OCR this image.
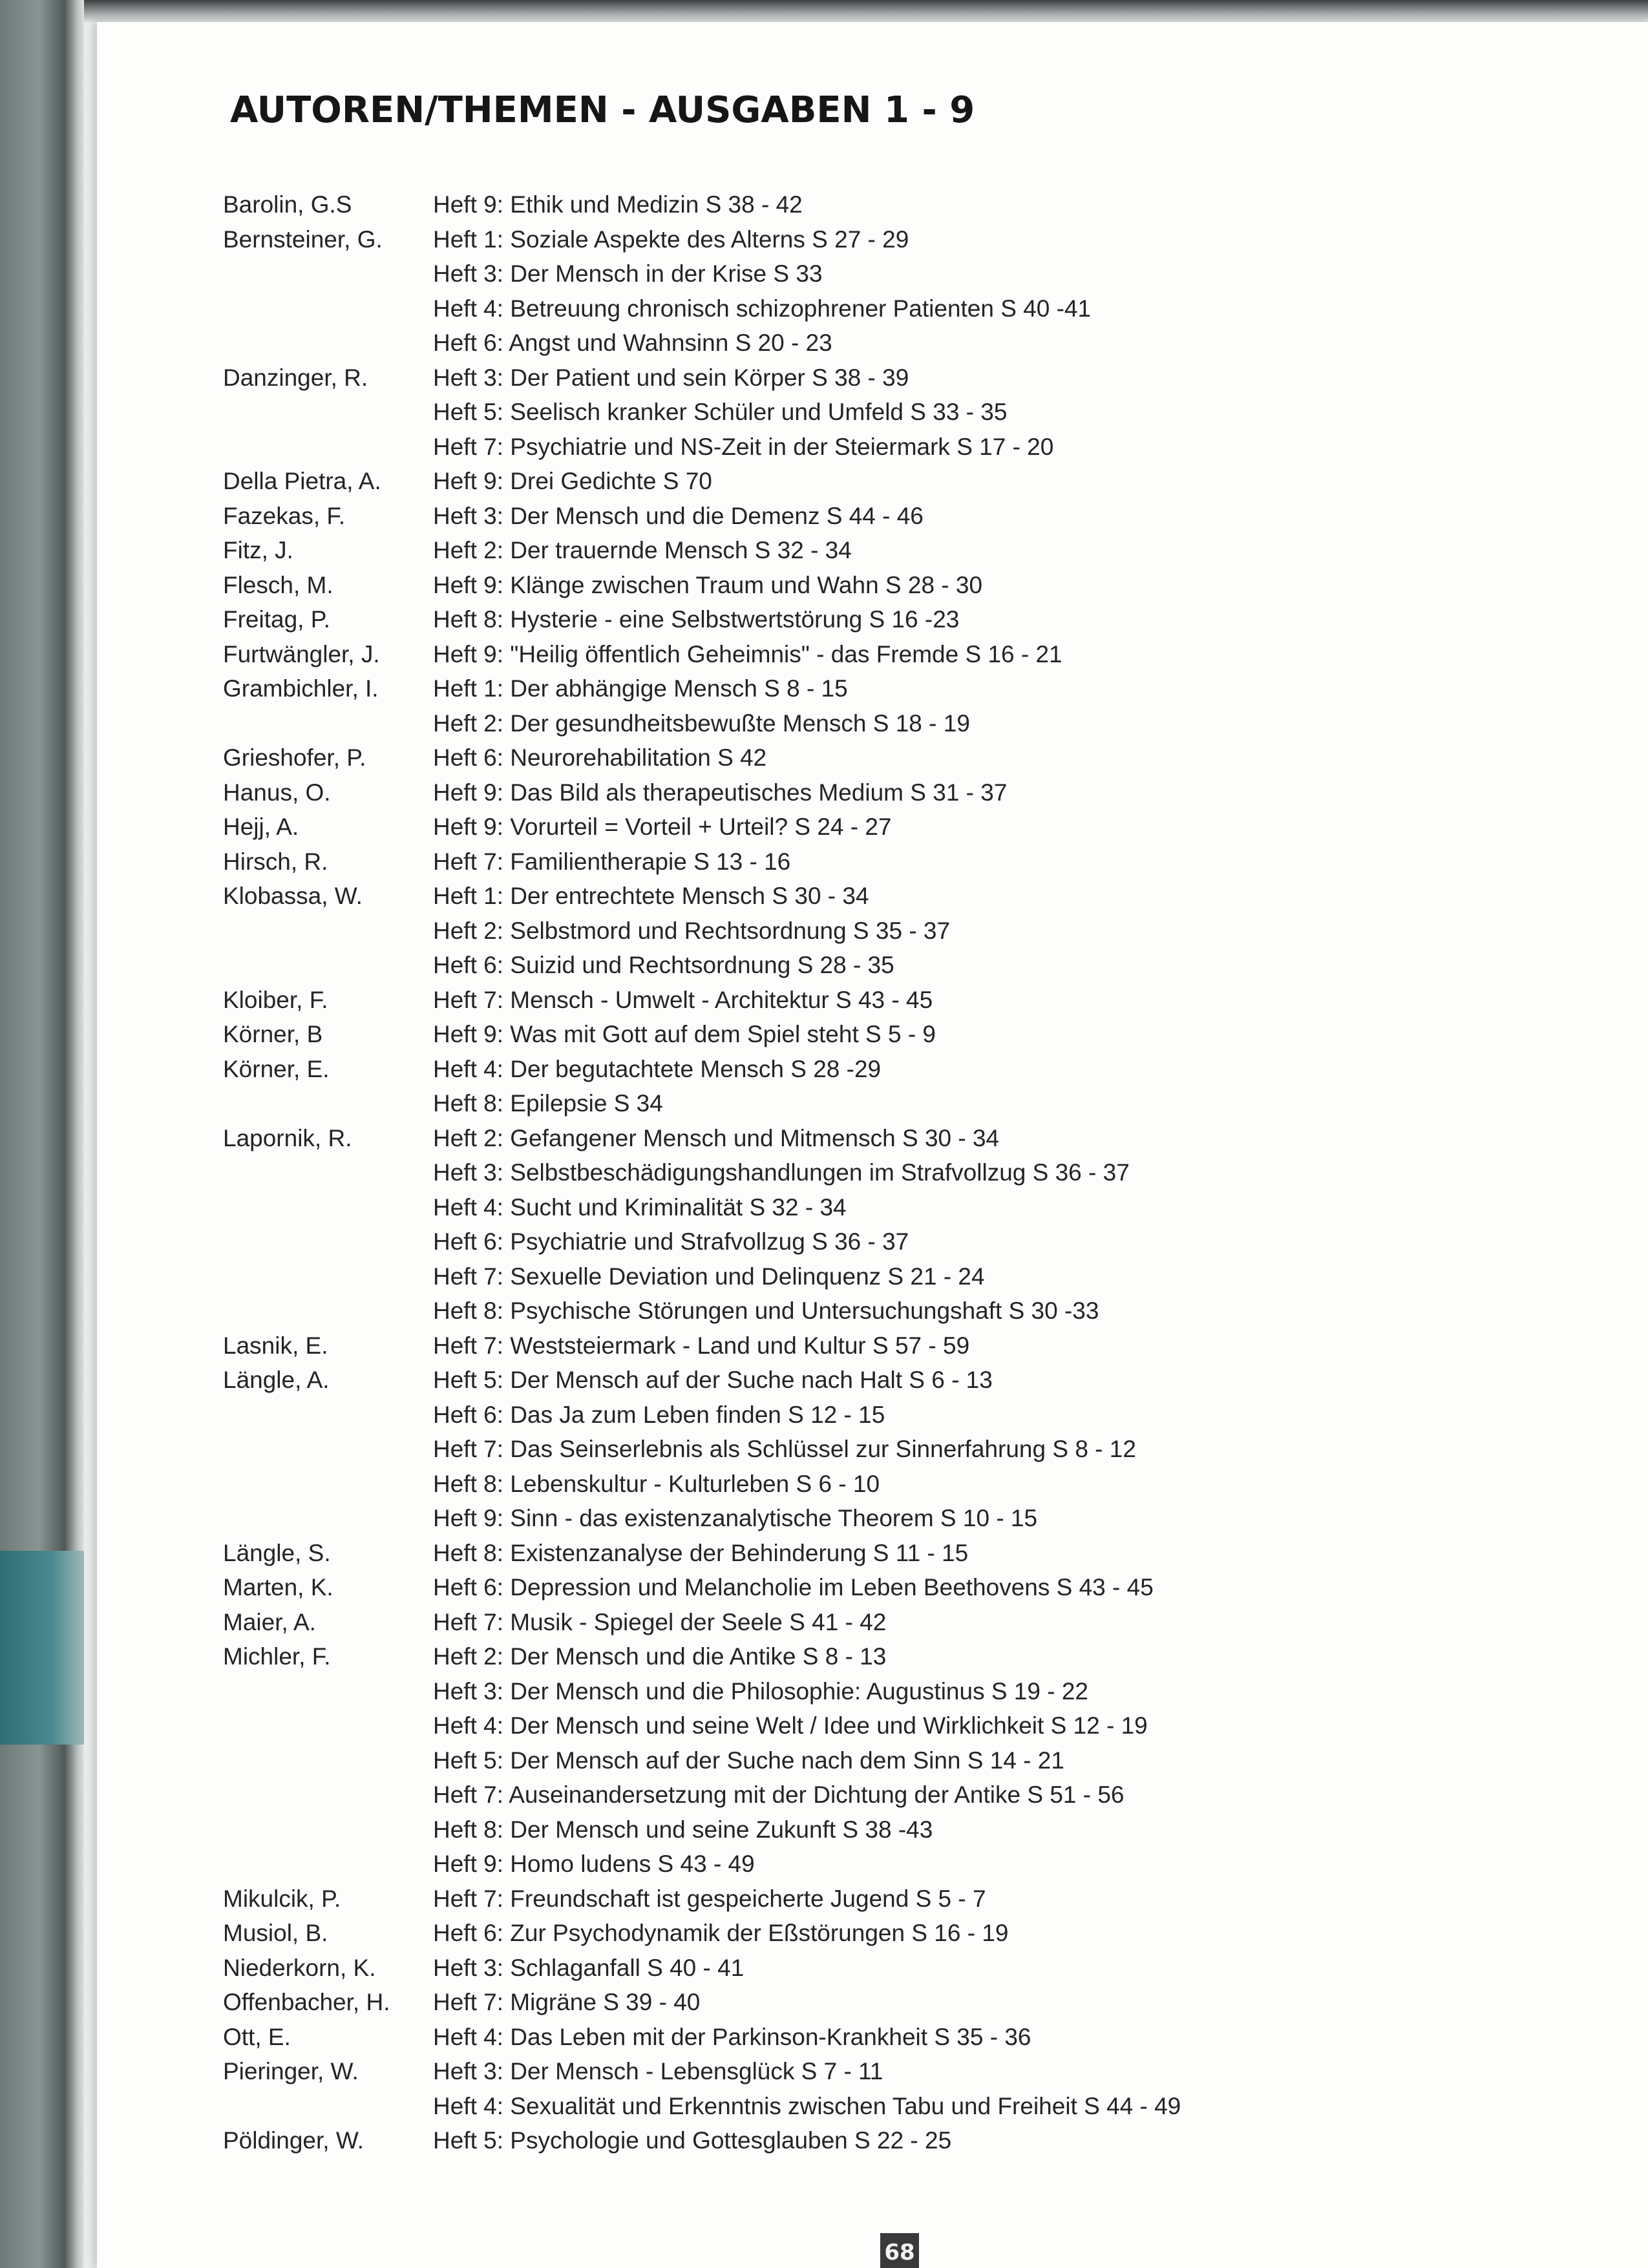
AUTOREN/THEMEN - AUSGABEN 1 - 9
Barolin, G.S	Heft 9: Ethik und Medizin S 38 - 42
Bernsteiner, G. Heft 1: Soziale Aspekte des Alterns S 27 - 29
Heft 3: Der Mensch in der Krise S 33
Heft 4: Betreuung chronisch schizophrener Patienten S 40 -41
Heft 6: Angst und Wahnsinn S 20 - 23
Danzinger, R.	Heft 3: Der Patient und sein Körper S 38 - 39
Heft 5: Seelisch kranker Schüler und Umfeld S 33 - 35
Heft 7: Psychiatrie und NS-Zeit in der Steiermark S 17 - 20
Della Pietra, A. Heft 9: Drei Gedichte S 70
Fazekas, F.	Heft 3: Der Mensch und die Demenz S 44 - 46
Fitz, J.	Heft 2: Der trauernde Mensch S 32 - 34
Flesch, M.	Heft 9: Klänge zwischen Traum und Wahn S 28 - 30
Freitag, P.	Heft 8: Hysterie - eine Selbstwertstörung S 16 -23
Furtwängler, J. Heft 9: "Heilig öffentlich Geheimnis" - das Fremde S 16 - 21
Grambichler, I. Heft 1: Der abhängige Mensch S 8 - 15
Heft 2: Der gesundheitsbewußte Mensch S 18 - 19
Grieshofer, P.	Heft 6: Neurorehabilitation S 42
Hanus, O.	Heft 9: Das Bild als therapeutisches Medium S 31 - 37
Hejj, A.	Heft 9: Vorurteil = Vorteil + Urteil? S 24 - 27
Hirsch, R.	Heft 7: Familientherapie S 13 - 16
Klobassa, W.	Heft 1: Der entrechtete Mensch S 30 - 34
Heft 2: Selbstmord und Rechtsordnung S 35 - 37
Heft 6: Suizid und Rechtsordnung S 28 - 35
Kloiber, F.	Heft 7: Mensch - Umwelt - Architektur S 43 - 45
Körner, B	Heft 9: Was mit Gott auf dem Spiel steht S 5 - 9
Körner, E.	Heft 4: Der begutachtete Mensch S 28 -29
Heft 8: Epilepsie S 34
Lapornik, R.	Heft 2: Gefangener Mensch und Mitmensch S 30 - 34
Heft 3: Selbstbeschädigungshandlungen im Strafvollzug S 36 - 37
Heft 4: Sucht und Kriminalität S 32 - 34
Heft 6: Psychiatrie und Strafvollzug S 36 - 37
Heft 7: Sexuelle Deviation und Delinquenz S 21 - 24
Heft 8: Psychische Störungen und Untersuchungshaft S 30 -33
Lasnik, E.	Heft 7: Weststeiermark - Land und Kultur S 57 - 59
Längle, A.	Heft 5: Der Mensch auf der Suche nach Halt S 6 - 13
Heft 6: Das Ja zum Leben finden S 12 - 15
Heft 7: Das Seinserlebnis als Schlüssel zur Sinnerfahrung S 8 - 12
Heft 8: Lebenskultur - Kulturleben S 6 - 10
Heft 9: Sinn - das existenzanalytische Theorem S 10 - 15
Längle, S.	Heft 8: Existenzanalyse der Behinderung S 11 - 15
Marten, K.	Heft 6: Depression und Melancholie im Leben Beethovens S 43 - 45
Maier, A.	Heft 7: Musik - Spiegel der Seele S 41 - 42
Michler, F.	Heft 2: Der Mensch und die Antike S 8 - 13
Heft 3: Der Mensch und die Philosophie: Augustinus S 19 - 22
Heft 4: Der Mensch und seine Welt / Idee und Wirklichkeit S 12 - 19
Heft 5: Der Mensch auf der Suche nach dem Sinn S 14 - 21
Heft 7: Auseinandersetzung mit der Dichtung der Antike S 51 - 56
Heft 8: Der Mensch und seine Zukunft S 38 -43
Heft 9: Homo ludens S 43 - 49
Mikulcik, P.	Heft 7: Freundschaft ist gespeicherte Jugend S 5 - 7
Musiol, B.	Heft 6: Zur Psychodynamik der Eßstörungen S 16 - 19
Niederkorn, K. Heft 3: Schlaganfall S 40 - 41
Offenbacher, H. Heft 7: Migräne S 39 - 40
Ott, E.	Heft 4: Das Leben mit der Parkinson-Krankheit S 35 - 36
Pieringer, W.	Heft 3: Der Mensch - Lebensglück S 7 - 11
Heft 4: Sexualität und Erkenntnis zwischen Tabu und Freiheit S 44 - 49
Pöldinger, W.	Heft 5: Psychologie und Gottesglauben S 22 - 25
68
